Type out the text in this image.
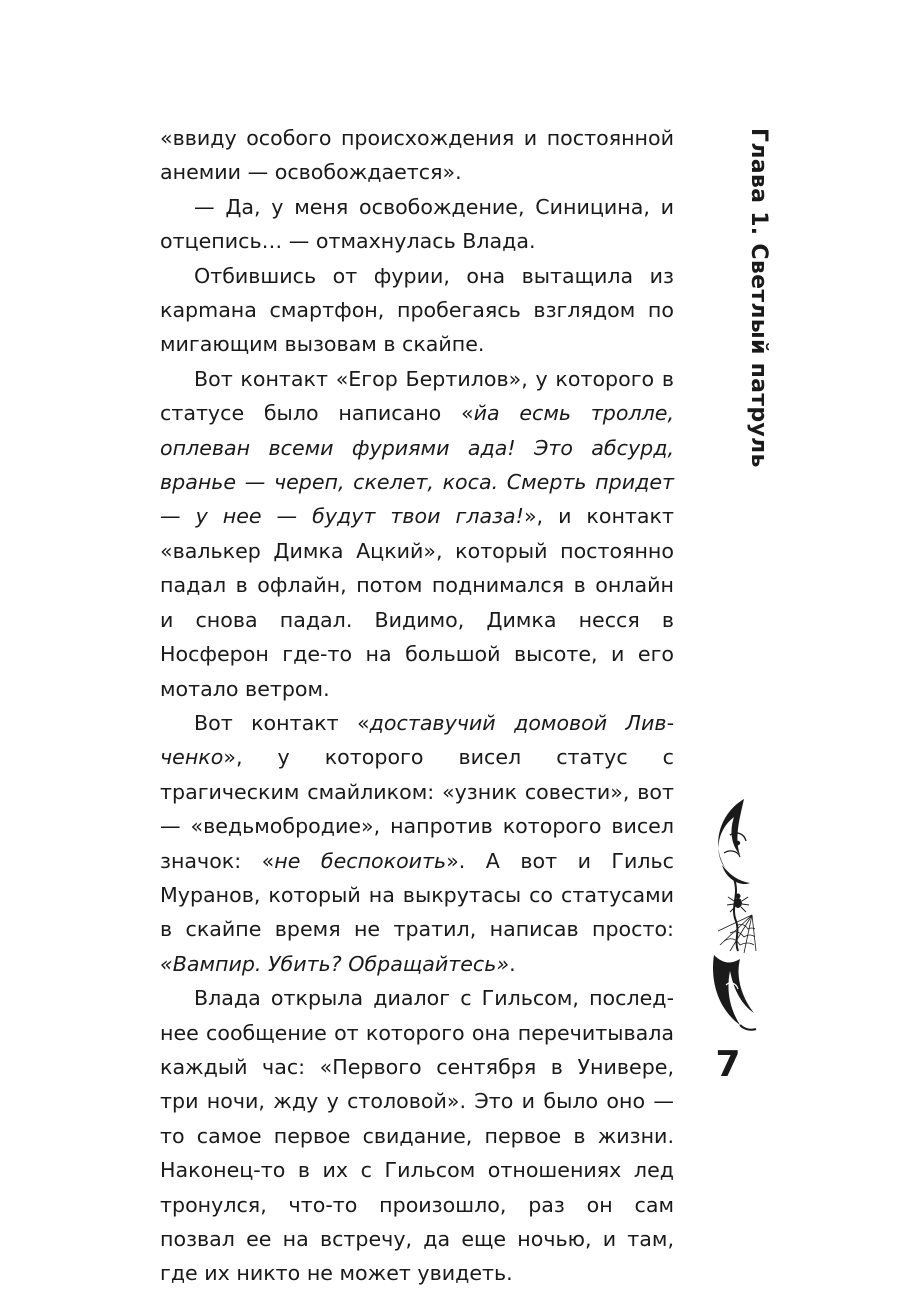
«ввиду особого происхождения и постоянной анемии — освобождается».

— Да, у меня освобождение, Синицина, и отцепись… — отмахнулась Влада.

Отбившись от фурии, она вытащила из карmана смартфон, пробегаясь взглядом по мигающим вызовам в скайпе.

Вот контакт «Егор Бертилов», у которого в статусе было написано «йа есмь тролле, оплеван всеми фуриями ада! Это абсурд, вранье — череп, скелет, коса. Смерть придет — у нее — будут твои глаза!», и контакт «валькер Димка Ацкий», который постоянно падал в офлайн, потом поднимался в онлайн и снова падал. Видимо, Димка несся в Носферон где-то на большой высоте, и его мотало ветром.

Вот контакт «доставучий домовой Ливченко», у которого висел статус с трагическим смайликом: «узник совести», вот — «ведьмобродие», напротив которого висел значок: «не беспокоить». А вот и Гильс Муранов, который на выкрутасы со статусами в скайпе время не тратил, написав просто: «Вампир. Убить? Обращайтесь».

Влада открыла диалог с Гильсом, последнее сообщение от которого она перечитывала каждый час: «Первого сентября в Универе, три ночи, жду у столовой». Это и было оно — то самое первое свидание, первое в жизни. Наконец-то в их с Гильсом отношениях лед тронулся, что-то произошло, раз он сам позвал ее на встречу, да еще ночью, и там, где их никто не может увидеть.

Глава 1. Светлый патруль
7
